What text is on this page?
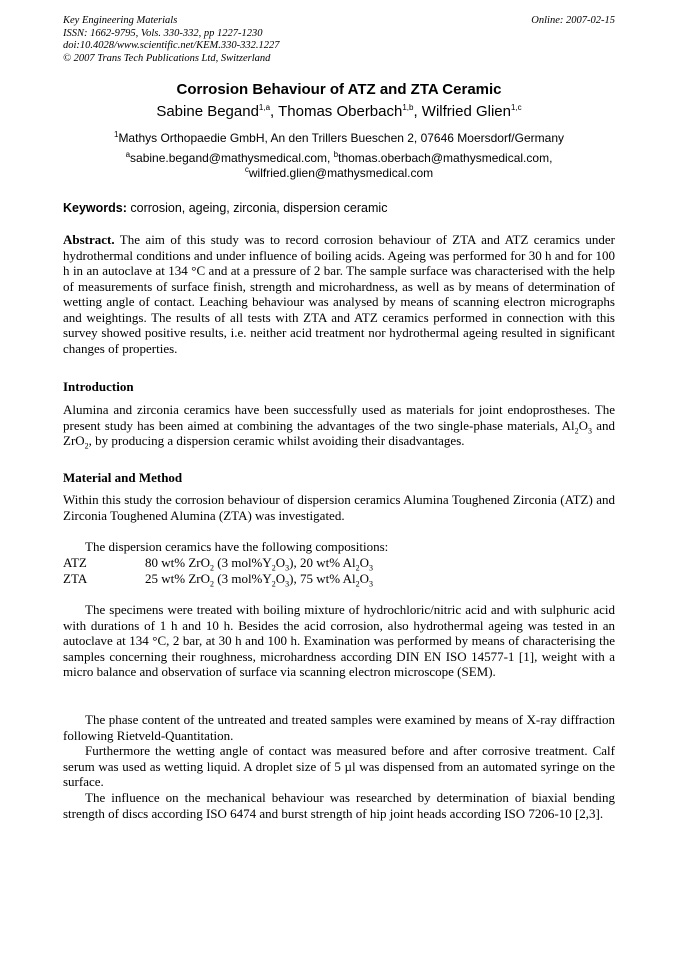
Key Engineering Materials
ISSN: 1662-9795, Vols. 330-332, pp 1227-1230
doi:10.4028/www.scientific.net/KEM.330-332.1227
© 2007 Trans Tech Publications Ltd, Switzerland
Online: 2007-02-15
Corrosion Behaviour of ATZ and ZTA Ceramic
Sabine Begand$^{1,a}$, Thomas Oberbach$^{1,b}$, Wilfried Glien$^{1,c}$
$^1$Mathys Orthopaedie GmbH, An den Trillers Bueschen 2, 07646 Moersdorf/Germany
$^a$sabine.begand@mathysmedical.com, $^b$thomas.oberbach@mathysmedical.com,
$^c$wilfried.glien@mathysmedical.com
Keywords: corrosion, ageing, zirconia, dispersion ceramic
Abstract. The aim of this study was to record corrosion behaviour of ZTA and ATZ ceramics under hydrothermal conditions and under influence of boiling acids. Ageing was performed for 30 h and for 100 h in an autoclave at 134 °C and at a pressure of 2 bar. The sample surface was characterised with the help of measurements of surface finish, strength and microhardness, as well as by means of determination of wetting angle of contact. Leaching behaviour was analysed by means of scanning electron micrographs and weightings. The results of all tests with ZTA and ATZ ceramics performed in connection with this survey showed positive results, i.e. neither acid treatment nor hydrothermal ageing resulted in significant changes of properties.
Introduction
Alumina and zirconia ceramics have been successfully used as materials for joint endoprostheses. The present study has been aimed at combining the advantages of the two single-phase materials, $Al_2O_3$ and ZrO$_2$, by producing a dispersion ceramic whilst avoiding their disadvantages.
Material and Method
Within this study the corrosion behaviour of dispersion ceramics Alumina Toughened Zirconia (ATZ) and Zirconia Toughened Alumina (ZTA) was investigated.
The dispersion ceramics have the following compositions:
ATZ	80 wt% ZrO$_2$ (3 $mol\%Y_2O_3$), 20 wt% $Al_2O_3$
ZTA	25 wt% ZrO$_2$ (3 $mol\%Y_2O_3$), 75 wt% $Al_2O_3$
The specimens were treated with boiling mixture of hydrochloric/nitric acid and with sulphuric acid with durations of 1 h and 10 h. Besides the acid corrosion, also hydrothermal ageing was tested in an autoclave at 134 °C, 2 bar, at 30 h and 100 h. Examination was performed by means of characterising the samples concerning their roughness, microhardness according DIN EN ISO 14577-1 [1], weight with a micro balance and observation of surface via scanning electron microscope (SEM).
The phase content of the untreated and treated samples were examined by means of X-ray diffraction following Rietveld-Quantitation.
Furthermore the wetting angle of contact was measured before and after corrosive treatment. Calf serum was used as wetting liquid. A droplet size of 5 µl was dispensed from an automated syringe on the surface.
The influence on the mechanical behaviour was researched by determination of biaxial bending strength of discs according ISO 6474 and burst strength of hip joint heads according ISO 7206-10 [2,3].
